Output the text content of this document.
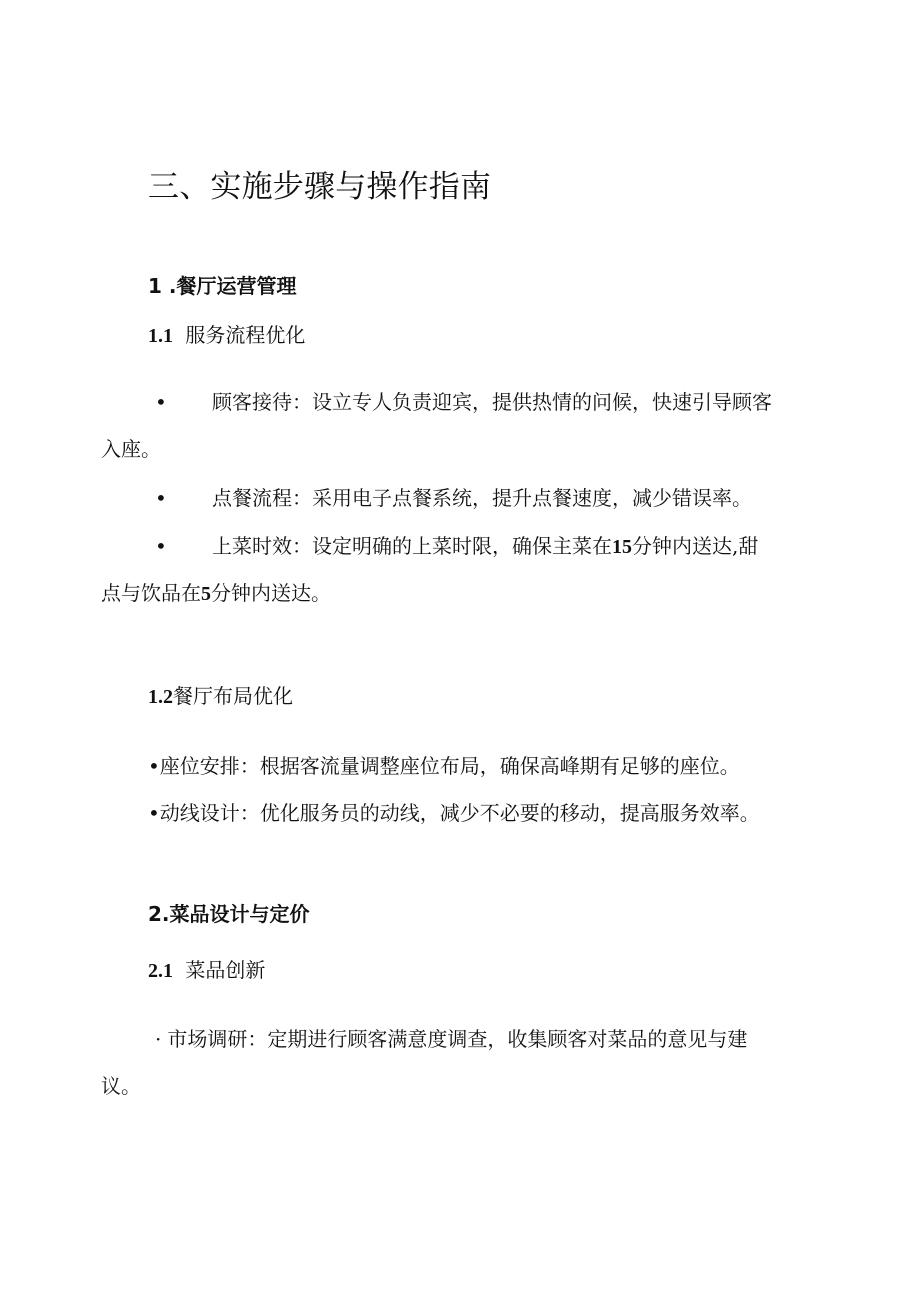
三、实施步骤与操作指南
1 .餐厅运营管理
1.1 服务流程优化
• 顾客接待：设立专人负责迎宾，提供热情的问候，快速引导顾客
入座。
• 点餐流程：采用电子点餐系统，提升点餐速度，减少错误率。
• 上菜时效：设定明确的上菜时限，确保主菜在15分钟内送达,甜
点与饮品在5分钟内送达。
1.2餐厅布局优化
•座位安排：根据客流量调整座位布局，确保高峰期有足够的座位。
•动线设计：优化服务员的动线，减少不必要的移动，提高服务效率。
2.菜品设计与定价
2.1 菜品创新
· 市场调研：定期进行顾客满意度调查，收集顾客对菜品的意见与建
议。
